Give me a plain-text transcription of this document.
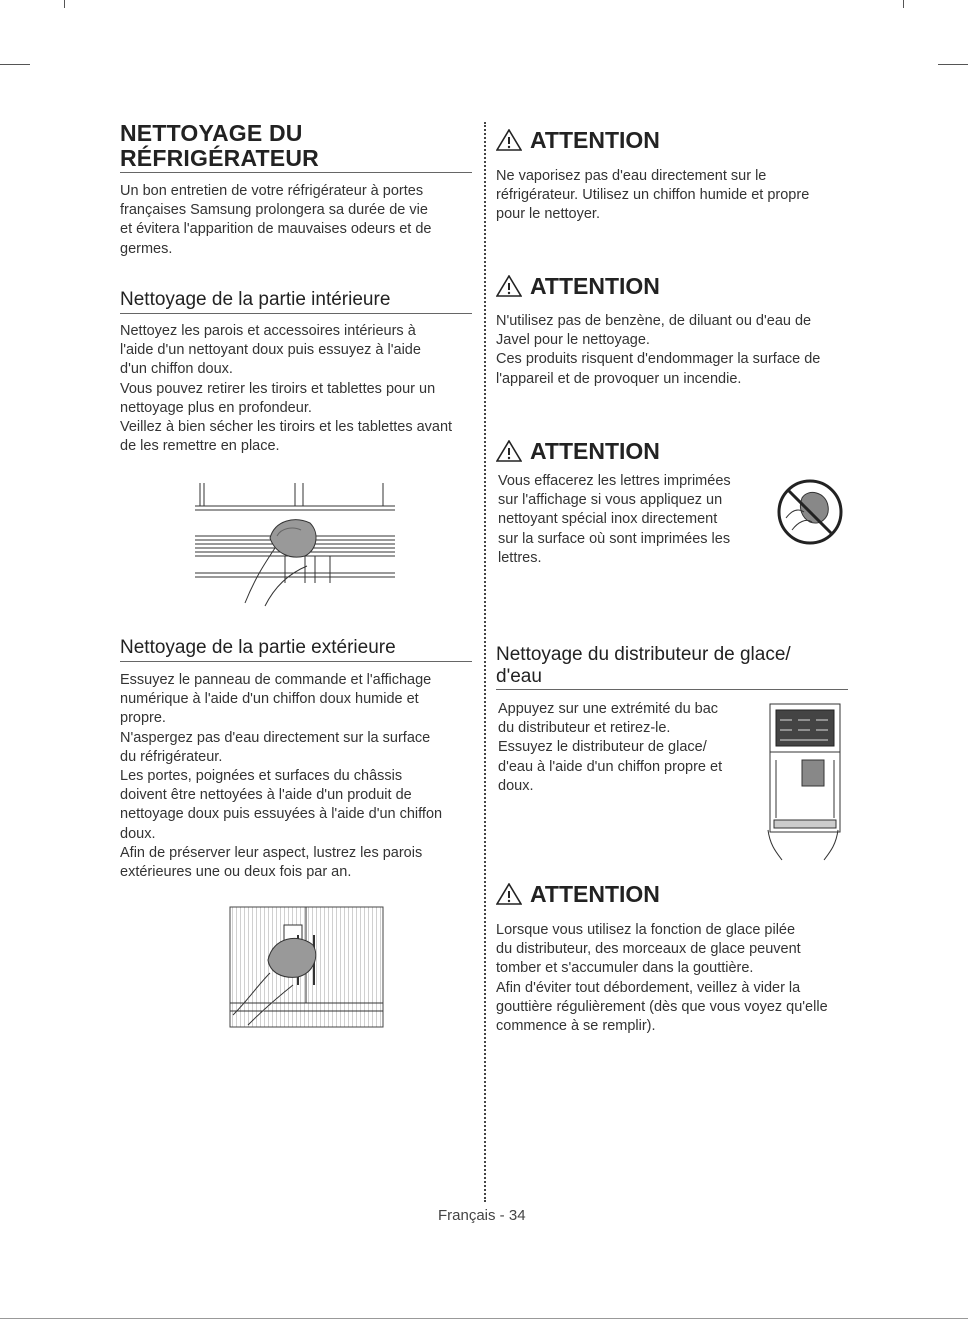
NETTOYAGE DU
RÉFRIGÉRATEUR

Un bon entretien de votre réfrigérateur à portes

françaises Samsung prolongera sa durée de vie

et évitera l'apparition de mauvaises odeurs et de

germes.

Nettoyage de la partie intérieure

Nettoyez les parois et accessoires intérieurs à

l'aide d'un nettoyant doux puis essuyez à l'aide

d'un chiffon doux.

Vous pouvez retirer les tiroirs et tablettes pour un

nettoyage plus en profondeur.

Veillez à bien sécher les tiroirs et les tablettes avant

de les remettre en place.

Nettoyage de la partie extérieure

Essuyez le panneau de commande et l'affichage

numérique à l'aide d'un chiffon doux humide et

propre.

N'aspergez pas d'eau directement sur la surface

du réfrigérateur.

Les portes, poignées et surfaces du châssis

doivent être nettoyées à l'aide d'un produit de

nettoyage doux puis essuyées à l'aide d'un chiffon

doux.

Afin de préserver leur aspect, lustrez les parois

extérieures une ou deux fois par an.

ATTENTION

Ne vaporisez pas d'eau directement sur le

réfrigérateur. Utilisez un chiffon humide et propre

pour le nettoyer.

ATTENTION

N'utilisez pas de benzène, de diluant ou d'eau de

Javel pour le nettoyage.

Ces produits risquent d'endommager la surface de

l'appareil et de provoquer un incendie.

ATTENTION

Vous effacerez les lettres imprimées

sur l'affichage si vous appliquez un

nettoyant spécial inox directement

sur la surface où sont imprimées les

lettres.

Nettoyage du distributeur de glace/
d'eau

Appuyez sur une extrémité du bac

du distributeur et retirez-le.

Essuyez le distributeur de glace/

d'eau à l'aide d'un chiffon propre et

doux.

ATTENTION

Lorsque vous utilisez la fonction de glace pilée

du distributeur, des morceaux de glace peuvent

tomber et s'accumuler dans la gouttière.

Afin d'éviter tout débordement, veillez à vider la

gouttière régulièrement (dès que vous voyez qu'elle

commence à se remplir).

Français - 34
